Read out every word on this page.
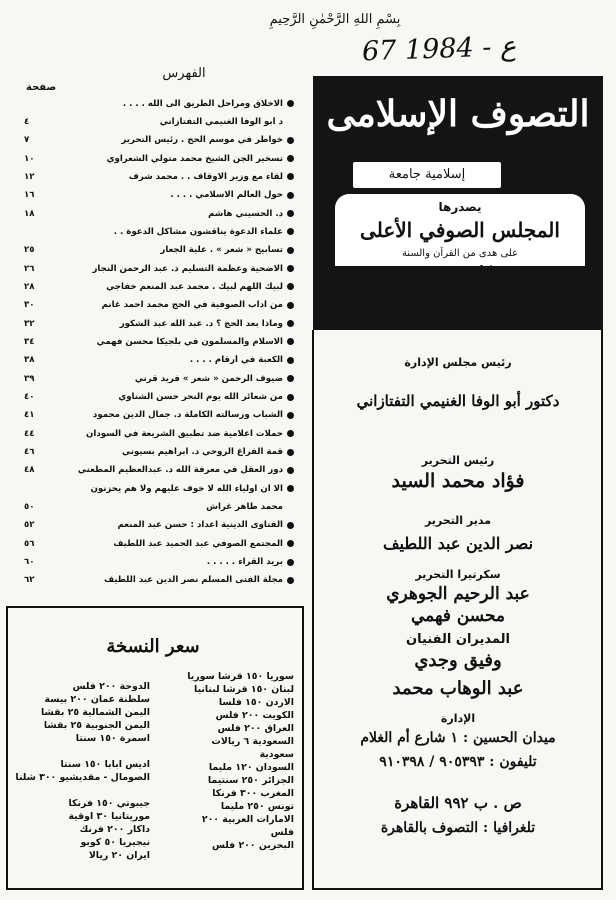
بِسْمِ اللهِ الرَّحْمٰنِ الرَّحِيمِ
67 ع - 1984
الفهرس
صفحة
الاخلاق ومراحل الطريق الى الله . . . .
د أبو الوفا الغنيمي التفتازاني
٤
خواطر في موسم الحج . رئيس التحرير
٧
تسخير الجن الشيخ محمد متولي الشعراوي
١٠
لقاء مع وزير الاوقاف . . محمد شرف
١٢
حول العالم الاسلامي . . . .
١٦
د. الحسيني هاشم
١٨
علماء الدعوة يناقشون مشاكل الدعوة . .
تسابيح « شعر » . علية الجعار
٢٥
الاضحية وعظمة التسليم د. عبد الرحمن النجار
٢٦
لبيك اللهم لبيك . محمد عبد المنعم خفاجي
٢٨
من آداب الصوفية في الحج محمد احمد غانم
٣٠
وماذا بعد الحج ؟ د. عبد الله عبد الشكور
٣٢
الاسلام والمسلمون في بلجيكا محسن فهمي
٣٤
الكعبة في أرقام . . . .
٣٨
ضيوف الرحمن « شعر » فريد قرني
٣٩
من شعائر الله يوم النحر حسن الشناوي
٤٠
الشباب ورسالته الكاملة د. جمال الدين محمود
٤١
حملات اعلامية ضد تطبيق الشريعة في السودان
٤٤
قمة الفراغ الروحي د. ابراهيم بسيوني
٤٦
دور العقل في معرفة الله د. عبدالعظيم المطعني
٤٨
الا ان اولياء الله لا خوف عليهم ولا هم يحزنون
محمد طاهر غراش
٥٠
الفتاوى الدينية اعداد : حسن عبد المنعم
٥٢
المجتمع الصوفي عبد الحميد عبد اللطيف
٥٦
بريد القراء . . . . .
٦٠
مجلة الفتى المسلم نصر الدين عبد اللطيف
٦٢
التصوف الإسلامى
إسلامية جامعة
يصدرها
المجلس الصوفي الأعلى
على هدى من القرآن والسنة
رئيس مجلس الإدارة
دكتور أبو الوفا الغنيمي التفتازاني
رئيس التحرير
فؤاد محمد السيد
مدير التحرير
نصر الدين عبد اللطيف
سكرتيرا التحرير
عبد الرحيم الجوهري
محسن فهمي
المديران الفنيان
وفيق وجدي
عبد الوهاب محمد
الإدارة
ميدان الحسين : ١ شارع أم الغلام
تليفون : ٩٠٥٣٩٣ / ٩١٠٣٩٨
ص . ب ٩٩٢ القاهرة
تلغرافيا : التصوف بالقاهرة
سعر النسخة
سوريا ١٥٠ قرشا سوريا
لبنان ١٥٠ قرشا لبنانيا
الاردن ١٥٠ فلسا
الكويت ٢٠٠ فلس
العراق ٢٠٠ فلس
السعودية ٦ ريالات
سعودية
السودان ١٢٠ مليما
الجزائر ٢٥٠ سنتيما
المغرب ٣٠٠ فرنكا
تونس ٢٥٠ مليما
الامارات العربية ٢٠٠
فلس
البحرين ٢٠٠ فلس
الدوحة ٢٠٠ فلس
سلطنة عمان ٢٠٠ بيسة
اليمن الشمالية ٢٥ بقشا
اليمن الجنوبية ٢٥ بقشا
اسمرة ١٥٠ سنتا
اديس ابابا ١٥٠ سنتا
الصومال - مقديشيو ٣٠٠ شلنا
جيبوتي ١٥٠ فرنكا
موريتانيا ٣٠ اوقية
داكار ٢٠٠ فرنك
نيجيريا ٥٠ كوبو
ايران ٢٠ ريالا
